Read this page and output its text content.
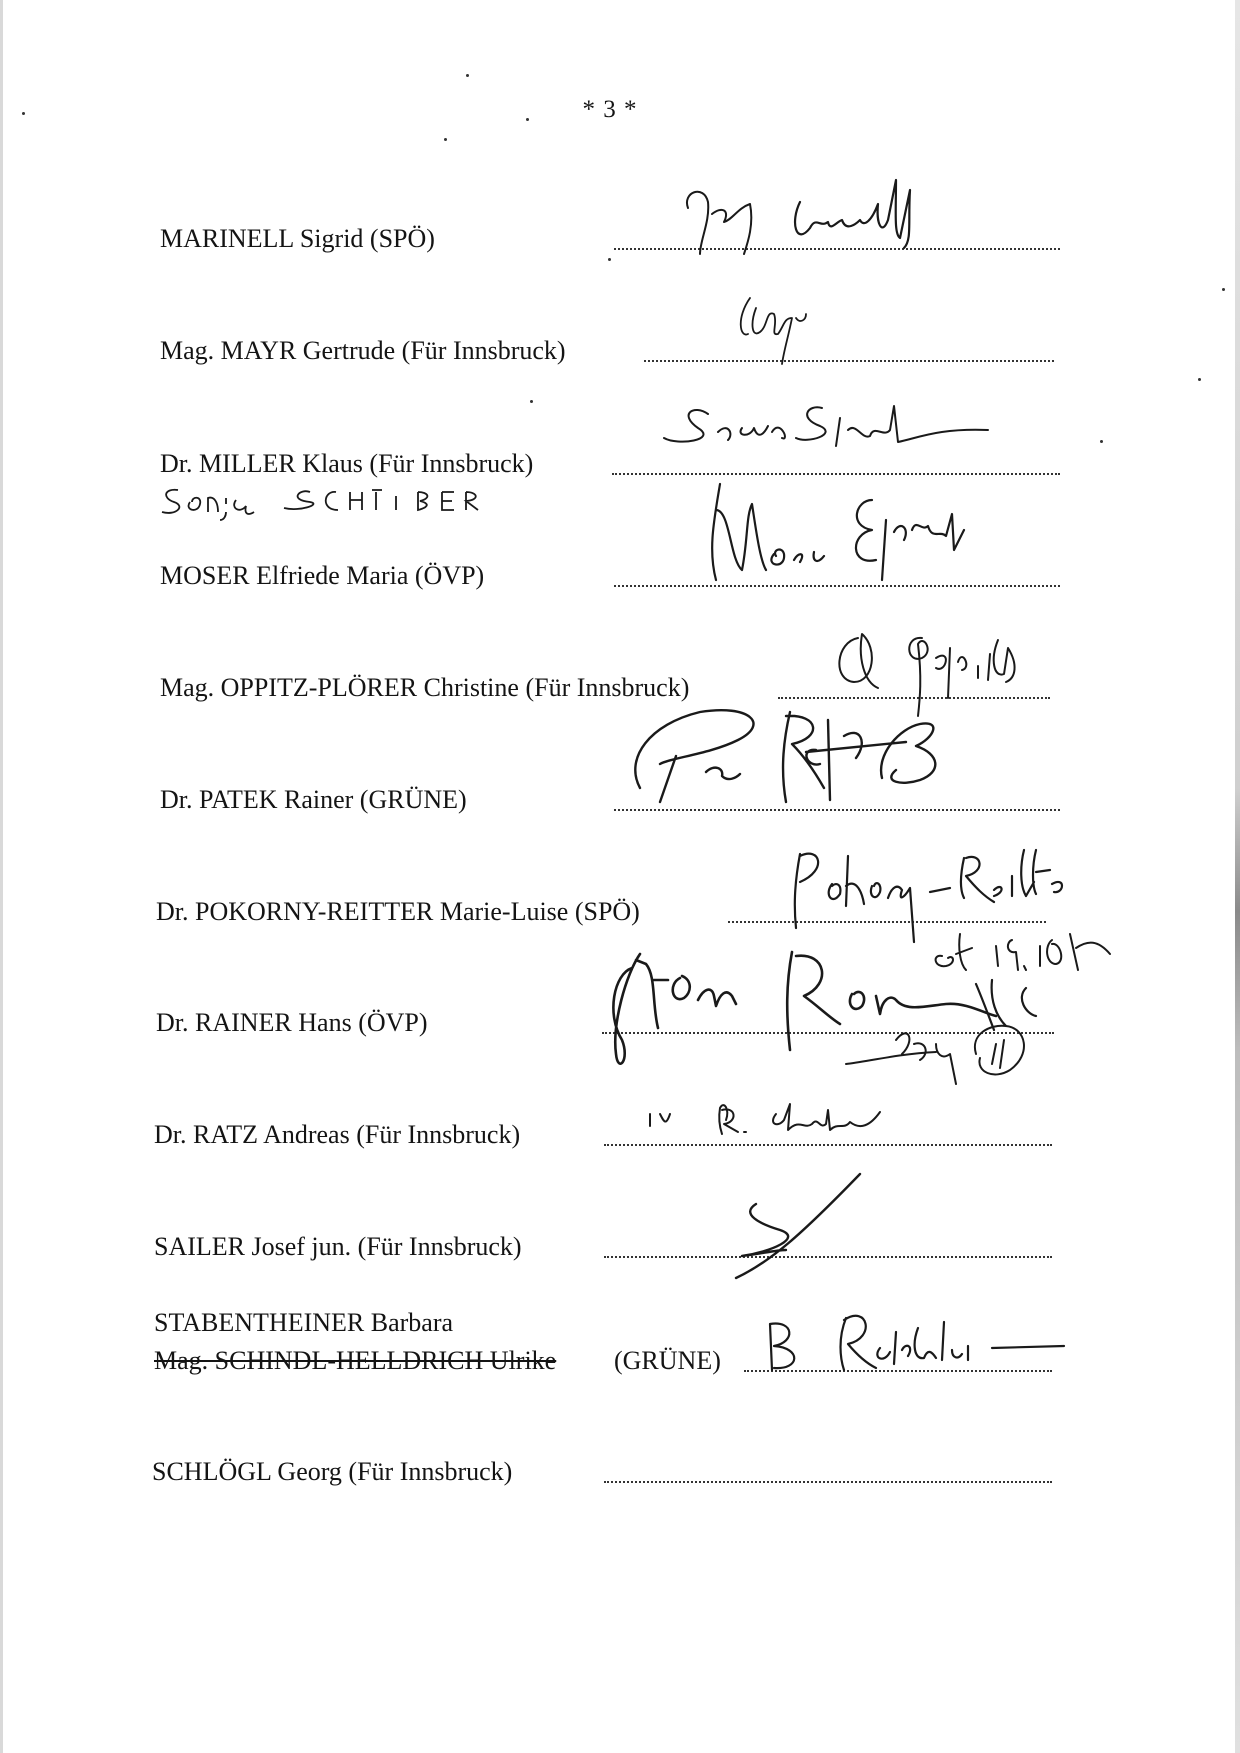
* 3 *
MARINELL Sigrid (SPÖ)
Mag. MAYR Gertrude (Für Innsbruck)
Dr. MILLER Klaus (Für Innsbruck)
MOSER Elfriede Maria (ÖVP)
Mag. OPPITZ-PLÖRER Christine (Für Innsbruck)
Dr. PATEK Rainer (GRÜNE)
Dr. POKORNY-REITTER Marie-Luise (SPÖ)
Dr. RAINER Hans (ÖVP)
Dr. RATZ Andreas (Für Innsbruck)
SAILER Josef jun. (Für Innsbruck)
STABENTHEINER Barbara
Mag. SCHINDL-HELLDRICH Ulrike (GRÜNE)
SCHLÖGL Georg (Für Innsbruck)
